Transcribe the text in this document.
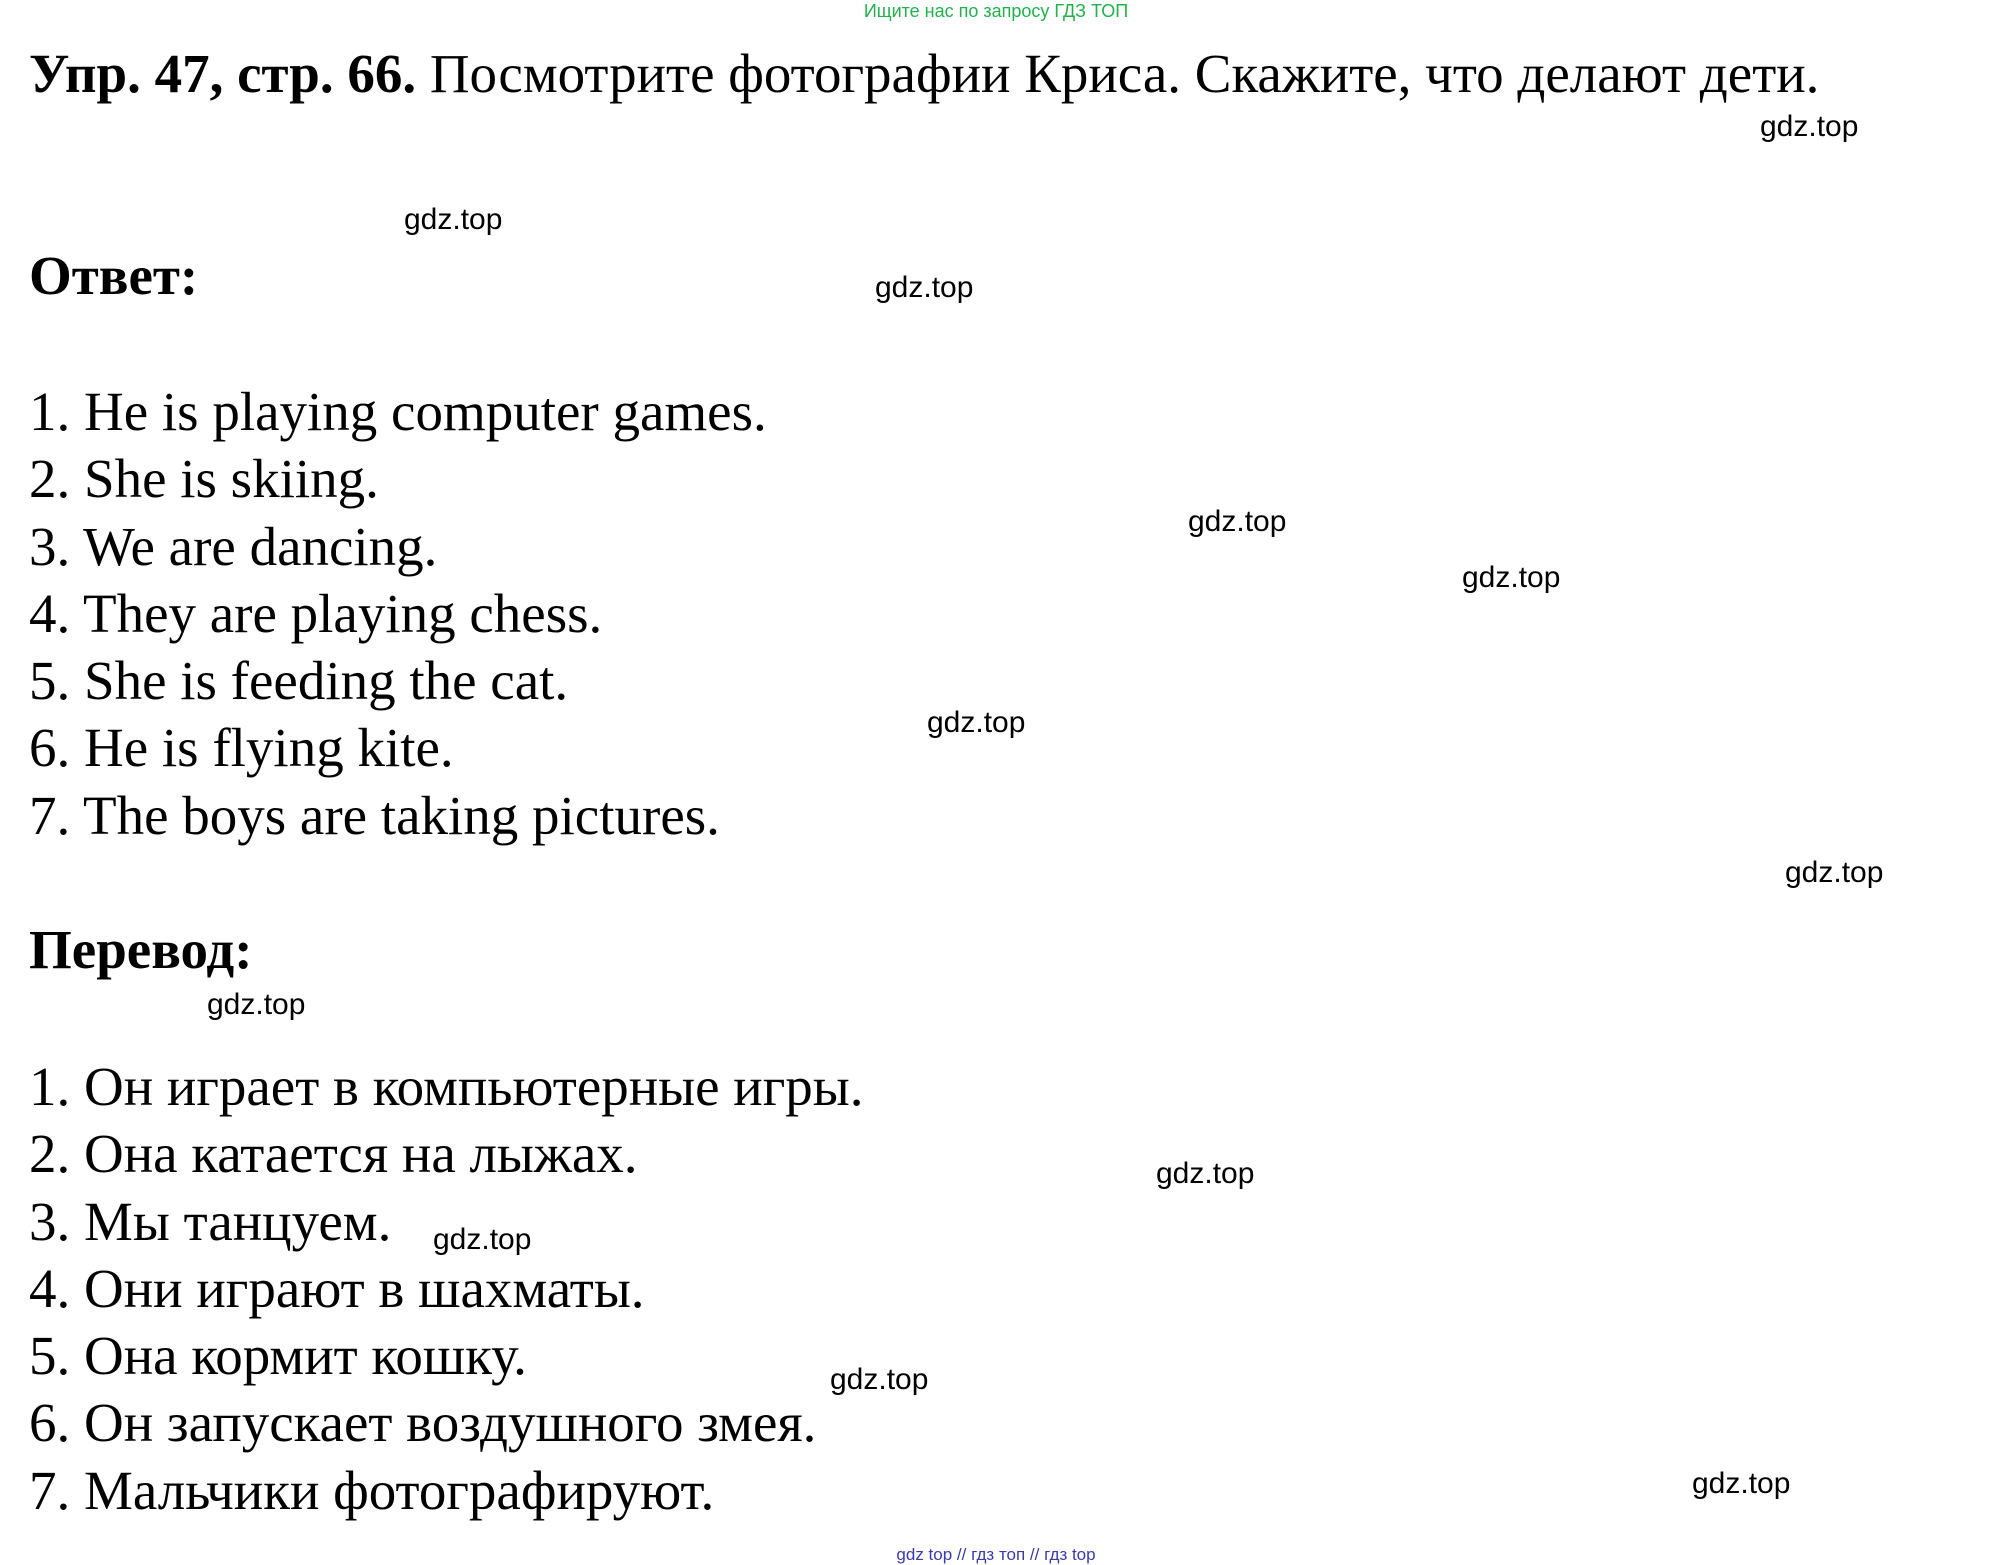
Ищите нас по запросу ГДЗ ТОП
Упр. 47, стр. 66. Посмотрите фотографии Криса. Скажите, что делают дети.
Ответ:
1. He is playing computer games.
2. She is skiing.
3. We are dancing.
4. They are playing chess.
5. She is feeding the cat.
6. He is flying kite.
7. The boys are taking pictures.
Перевод:
1. Он играет в компьютерные игры.
2. Она катается на лыжах.
3. Мы танцуем.
4. Они играют в шахматы.
5. Она кормит кошку.
6. Он запускает воздушного змея.
7. Мальчики фотографируют.
gdz.top
gdz.top
gdz.top
gdz.top
gdz.top
gdz.top
gdz.top
gdz.top
gdz.top
gdz.top
gdz.top
gdz.top
gdz top // гдз топ // гдз top
